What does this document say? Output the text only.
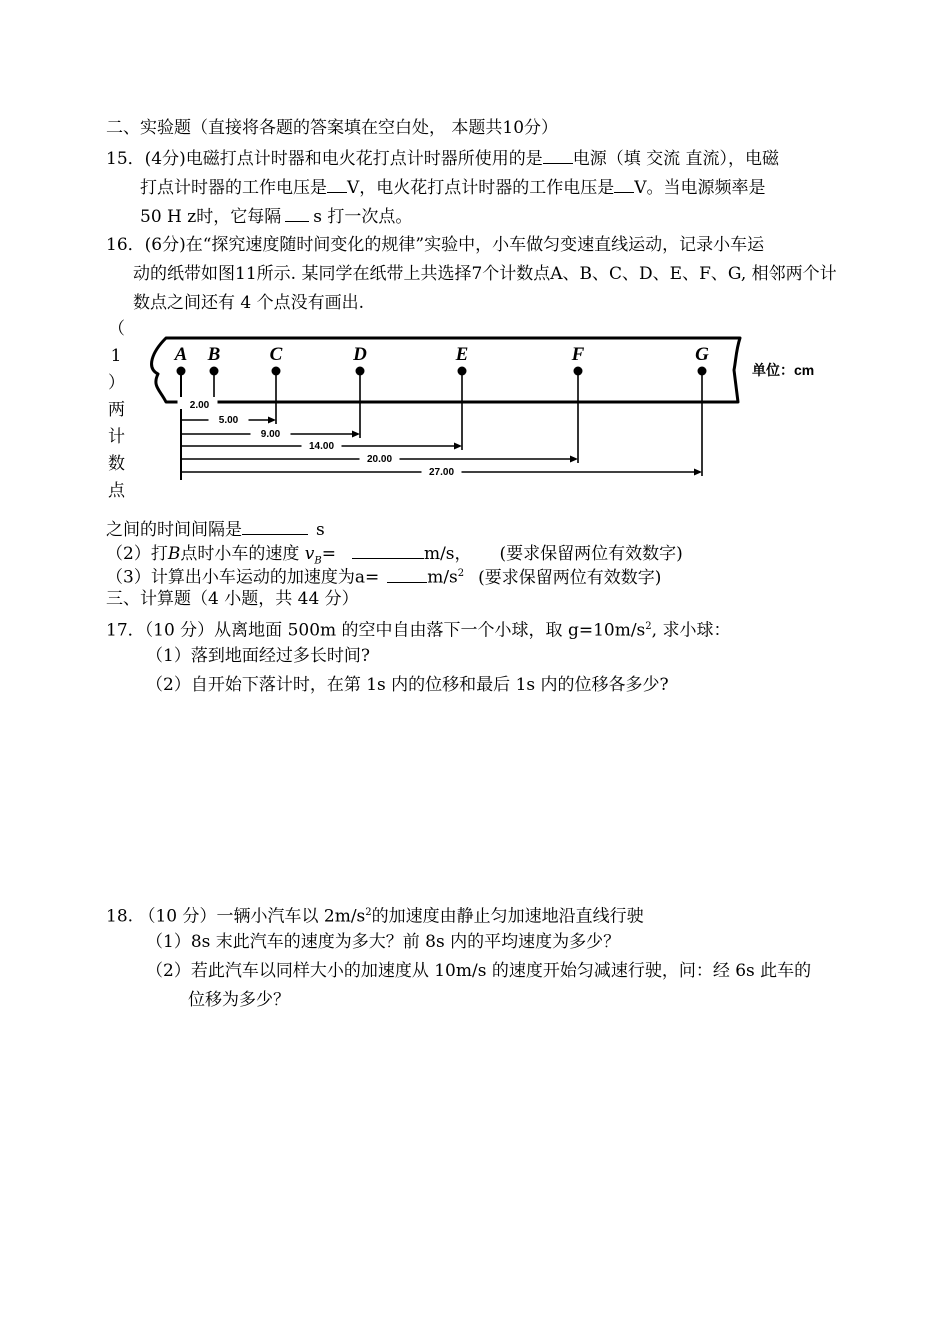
二、实验题（直接将各题的答案填在空白处， 本题共10分）
15．(4分)电磁打点计时器和电火花打点计时器所使用的是 电源（填 交流 直流），电磁
打点计时器的工作电压是 V，电火花打点计时器的工作电压是 V。当电源频率是
50 H z时，它每隔 s 打一次点。
16．(6分)在“探究速度随时间变化的规律”实验中，小车做匀变速直线运动，记录小车运
动的纸带如图11所示. 某同学在纸带上共选择7个计数点A、B、C、D、E、F、G, 相邻两个计
数点之间还有 4 个点没有画出.
（
1
）
两
计
数
点
A B	C	D	E	F	G
2.00
5.00
9.00
14.00
20.00
27.00
单位：cm
之间的时间间隔是	s
（2）打B点时小车的速度 $v_B=$	m/s， (要求保留两位有效数字)
（3）计算出小车运动的加速度为a=	$m/s^2$ (要求保留两位有效数字)
三、计算题（4 小题，共 44 分）
17．（10 分）从离地面 500m 的空中自由落下一个小球，取 $g=10m/s^2$, 求小球：
（1）落到地面经过多长时间?
（2）自开始下落计时，在第 1s 内的位移和最后 1s 内的位移各多少?
18. （10 分）一辆小汽车以 $2m/s^2$的加速度由静止匀加速地沿直线行驶
（1）8s 末此汽车的速度为多大？前 8s 内的平均速度为多少？
（2）若此汽车以同样大小的加速度从 10m/s 的速度开始匀减速行驶，问：经 6s 此车的
位移为多少？
